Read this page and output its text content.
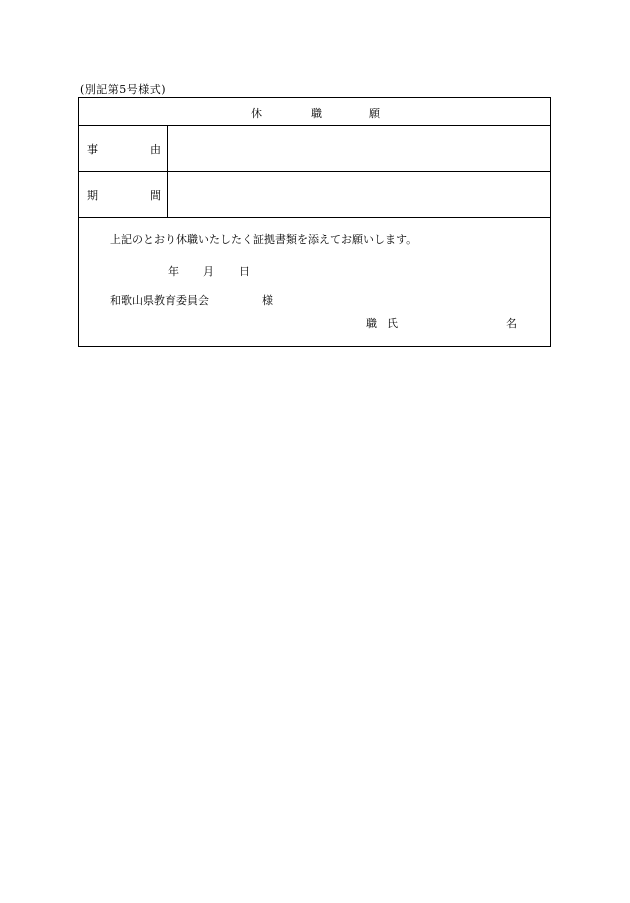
(別記第5号様式)
休	職	願
事	由
期	間
上記のとおり休職いたしたく証拠書類を添えてお願いします。
年 月 日
和歌山県教育委員会	様
職 氏	名
